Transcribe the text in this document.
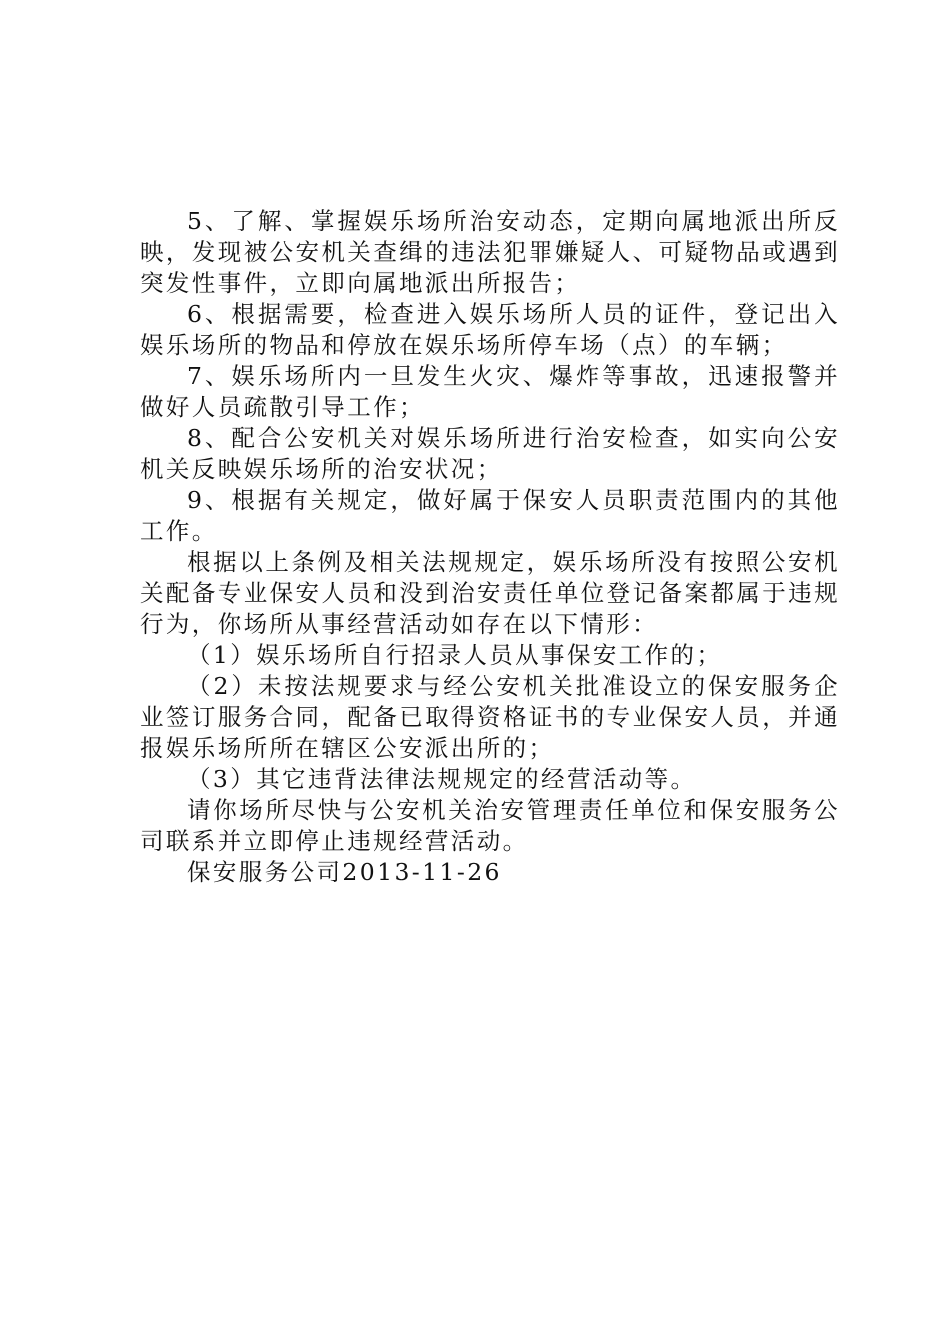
5、了解、掌握娱乐场所治安动态，定期向属地派出所反映，发现被公安机关查缉的违法犯罪嫌疑人、可疑物品或遇到突发性事件，立即向属地派出所报告；

6、根据需要，检查进入娱乐场所人员的证件，登记出入娱乐场所的物品和停放在娱乐场所停车场（点）的车辆；

7、娱乐场所内一旦发生火灾、爆炸等事故，迅速报警并做好人员疏散引导工作；

8、配合公安机关对娱乐场所进行治安检查，如实向公安机关反映娱乐场所的治安状况；

9、根据有关规定，做好属于保安人员职责范围内的其他工作。

根据以上条例及相关法规规定，娱乐场所没有按照公安机关配备专业保安人员和没到治安责任单位登记备案都属于违规行为，你场所从事经营活动如存在以下情形：

（1）娱乐场所自行招录人员从事保安工作的；

（2）未按法规要求与经公安机关批准设立的保安服务企业签订服务合同，配备已取得资格证书的专业保安人员，并通报娱乐场所所在辖区公安派出所的；

（3）其它违背法律法规规定的经营活动等。

请你场所尽快与公安机关治安管理责任单位和保安服务公司联系并立即停止违规经营活动。

保安服务公司2013-11-26
